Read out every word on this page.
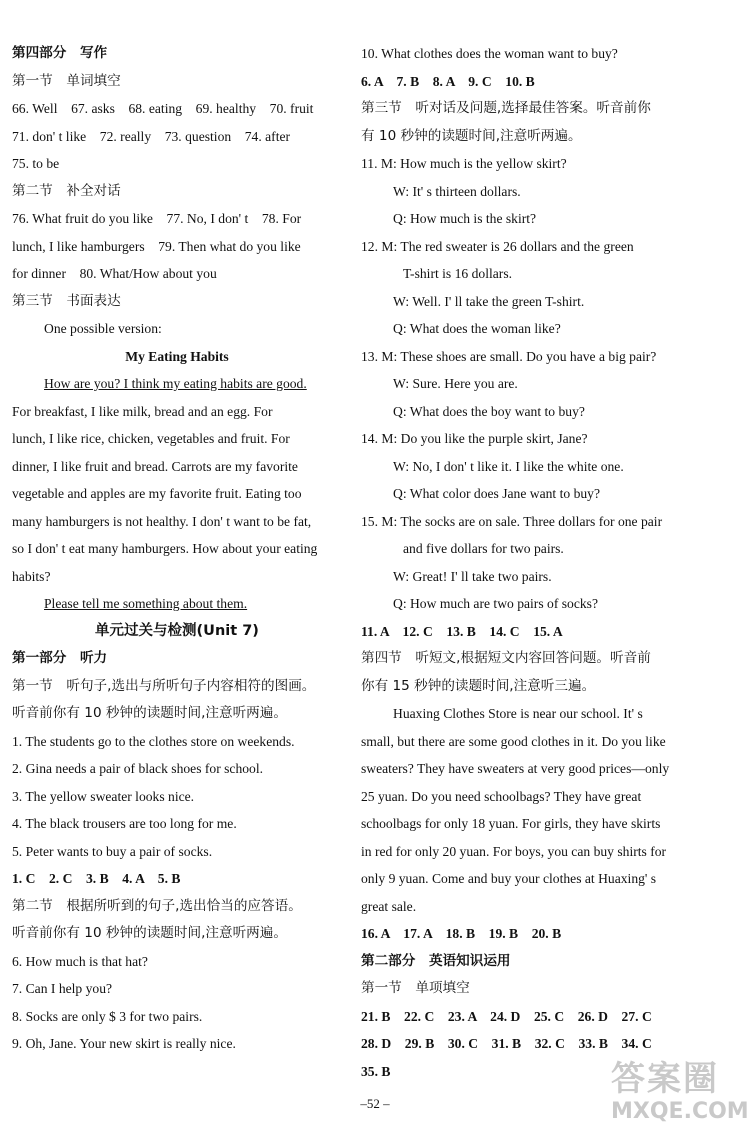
第四部分　写作
第一节　单词填空
66. Well　67. asks　68. eating　69. healthy　70. fruit
71. don' t like　72. really　73. question　74. after
75. to be
第二节　补全对话
76. What fruit do you like　77. No, I don' t　78. For
lunch, I like hamburgers　79. Then what do you like
for dinner　80. What/How about you
第三节　书面表达
One possible version:
My Eating Habits
How are you? I think my eating habits are good.
For breakfast, I like milk, bread and an egg. For
lunch, I like rice, chicken, vegetables and fruit. For
dinner, I like fruit and bread. Carrots are my favorite
vegetable and apples are my favorite fruit. Eating too
many hamburgers is not healthy. I don' t want to be fat,
so I don' t eat many hamburgers. How about your eating
habits?
Please tell me something about them.
单元过关与检测(Unit 7)
第一部分　听力
第一节　听句子,选出与所听句子内容相符的图画。
听音前你有 10 秒钟的读题时间,注意听两遍。
1. The students go to the clothes store on weekends.
2. Gina needs a pair of black shoes for school.
3. The yellow sweater looks nice.
4. The black trousers are too long for me.
5. Peter wants to buy a pair of socks.
1. C　2. C　3. B　4. A　5. B
第二节　根据所听到的句子,选出恰当的应答语。
听音前你有 10 秒钟的读题时间,注意听两遍。
6. How much is that hat?
7. Can I help you?
8. Socks are only $ 3 for two pairs.
9. Oh, Jane. Your new skirt is really nice.
10. What clothes does the woman want to buy?
6. A　7. B　8. A　9. C　10. B
第三节　听对话及问题,选择最佳答案。听音前你
有 10 秒钟的读题时间,注意听两遍。
11. M: How much is the yellow skirt?
W: It' s thirteen dollars.
Q: How much is the skirt?
12. M: The red sweater is 26 dollars and the green
T-shirt is 16 dollars.
W: Well. I' ll take the green T-shirt.
Q: What does the woman like?
13. M: These shoes are small. Do you have a big pair?
W: Sure. Here you are.
Q: What does the boy want to buy?
14. M: Do you like the purple skirt, Jane?
W: No, I don' t like it. I like the white one.
Q: What color does Jane want to buy?
15. M: The socks are on sale. Three dollars for one pair
and five dollars for two pairs.
W: Great! I' ll take two pairs.
Q: How much are two pairs of socks?
11. A　12. C　13. B　14. C　15. A
第四节　听短文,根据短文内容回答问题。听音前
你有 15 秒钟的读题时间,注意听三遍。
Huaxing Clothes Store is near our school. It' s
small, but there are some good clothes in it. Do you like
sweaters? They have sweaters at very good prices—only
25 yuan. Do you need schoolbags? They have great
schoolbags for only 18 yuan. For girls, they have skirts
in red for only 20 yuan. For boys, you can buy shirts for
only 9 yuan. Come and buy your clothes at Huaxing' s
great sale.
16. A　17. A　18. B　19. B　20. B
第二部分　英语知识运用
第一节　单项填空
21. B　22. C　23. A　24. D　25. C　26. D　27. C
28. D　29. B　30. C　31. B　32. C　33. B　34. C
35. B
–52 –
答案圈
MXQE.COM
